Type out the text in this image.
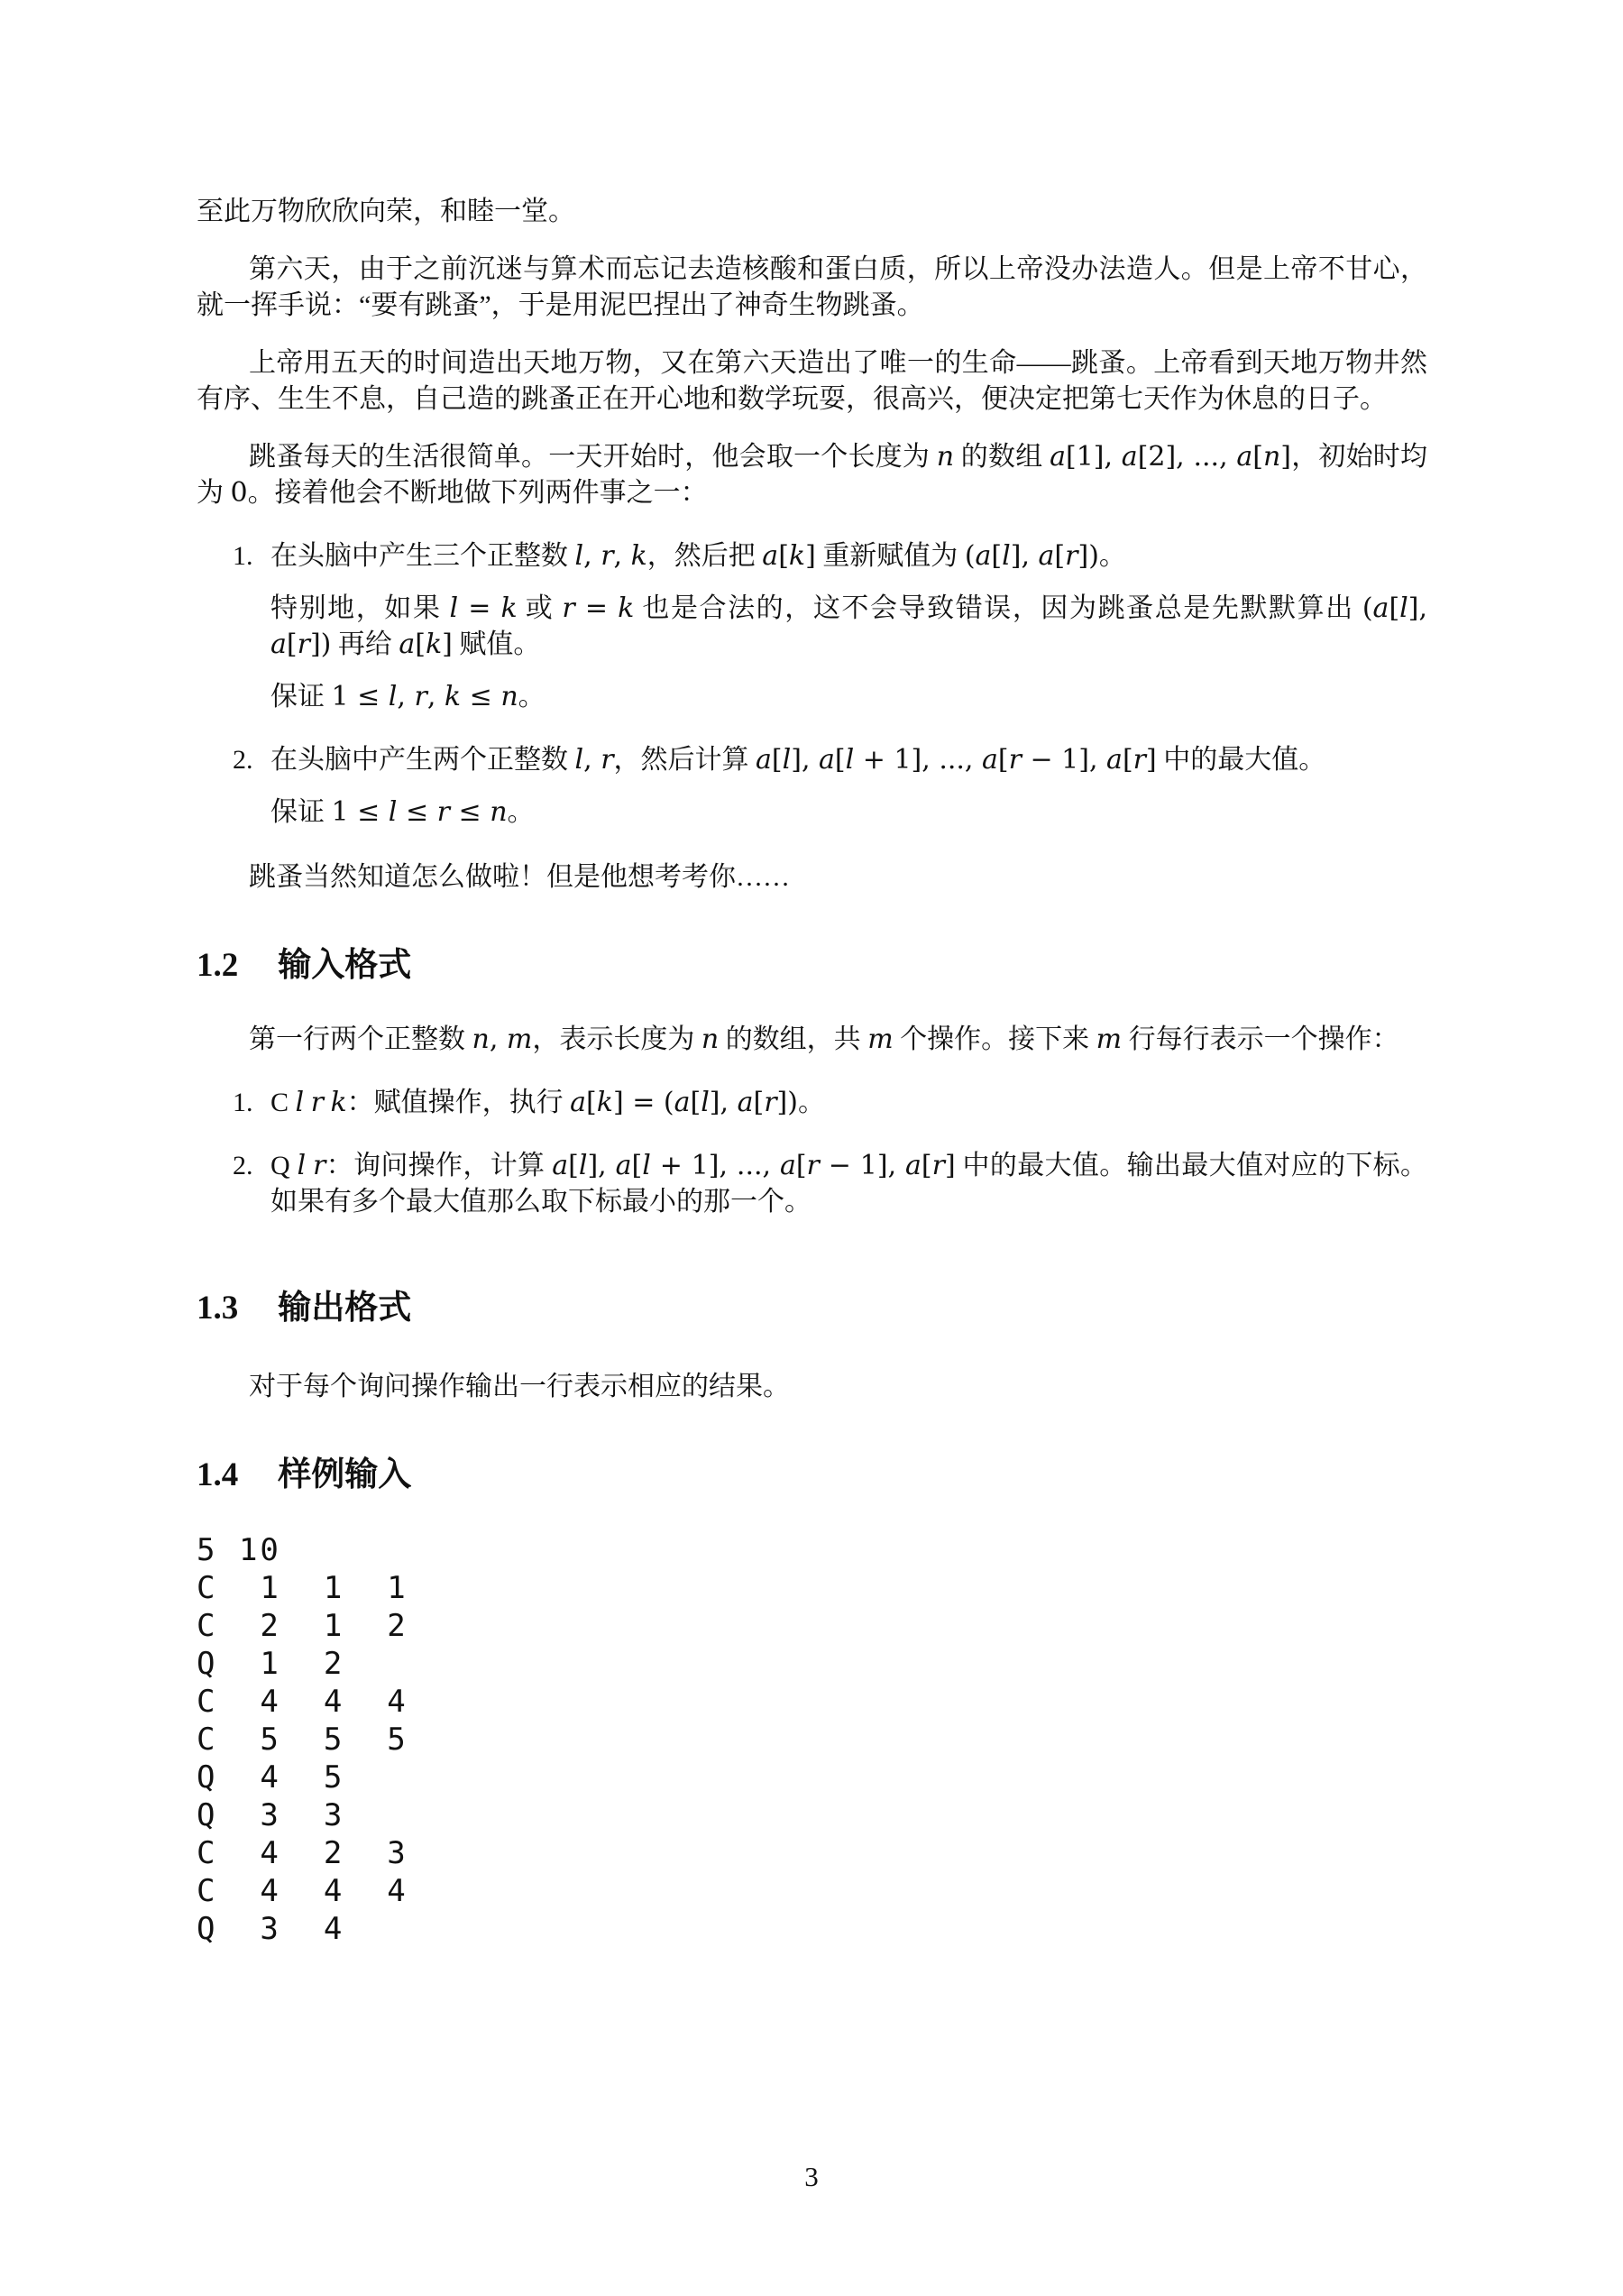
至此万物欣欣向荣，和睦一堂。

第六天，由于之前沉迷与算术而忘记去造核酸和蛋白质，所以上帝没办法造人。但是上帝不甘心，就一挥手说：“要有跳蚤”，于是用泥巴捏出了神奇生物跳蚤。

上帝用五天的时间造出天地万物，又在第六天造出了唯一的生命——跳蚤。上帝看到天地万物井然有序、生生不息，自己造的跳蚤正在开心地和数学玩耍，很高兴，便决定把第七天作为休息的日子。

跳蚤每天的生活很简单。一天开始时，他会取一个长度为 n 的数组 a[1], a[2], ..., a[n]，初始时均为 0。接着他会不断地做下列两件事之一：

1. 在头脑中产生三个正整数 l, r, k，然后把 a[k] 重新赋值为 (a[l], a[r])。

特别地，如果 l = k 或 r = k 也是合法的，这不会导致错误，因为跳蚤总是先默默算出 (a[l], a[r]) 再给 a[k] 赋值。

保证 1 ≤ l, r, k ≤ n。

2. 在头脑中产生两个正整数 l, r，然后计算 a[l], a[l + 1], ..., a[r − 1], a[r] 中的最大值。

保证 1 ≤ l ≤ r ≤ n。

跳蚤当然知道怎么做啦！但是他想考考你……

1.2 输入格式

第一行两个正整数 n, m，表示长度为 n 的数组，共 m 个操作。接下来 m 行每行表示一个操作：

1. C l r k：赋值操作，执行 a[k] = (a[l], a[r])。

2. Q l r：询问操作，计算 a[l], a[l + 1], ..., a[r − 1], a[r] 中的最大值。输出最大值对应的下标。如果有多个最大值那么取下标最小的那一个。

1.3 输出格式

对于每个询问操作输出一行表示相应的结果。

1.4 样例输入
5 10
C  1  1  1
C  2  1  2
Q  1  2
C  4  4  4
C  5  5  5
Q  4  5
Q  3  3
C  4  2  3
C  4  4  4
Q  3  4
3
